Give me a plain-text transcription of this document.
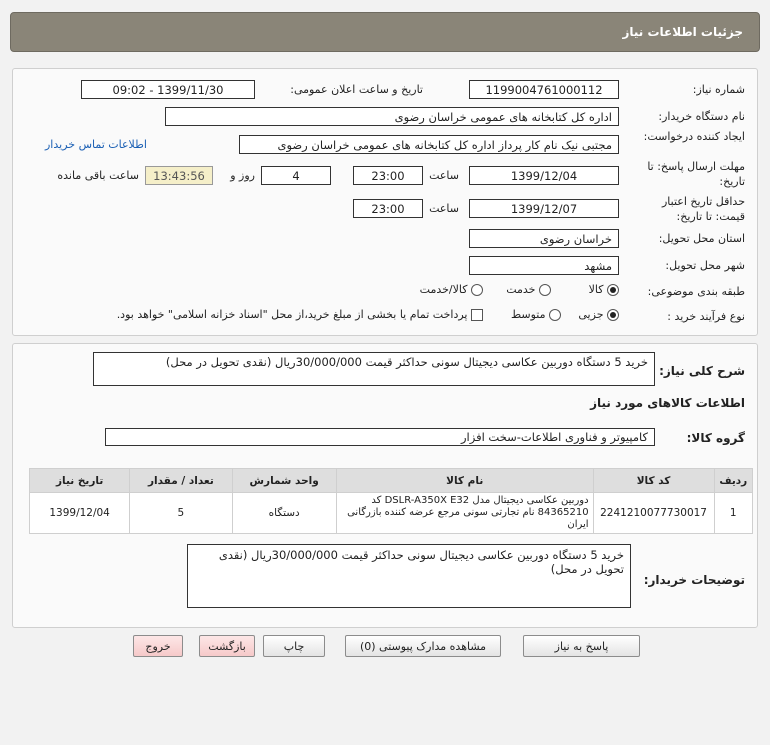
جزئیات اطلاعات نیاز
شماره نیاز:
1199004761000112
تاریخ و ساعت اعلان عمومی:
1399/11/30 - 09:02
نام دستگاه خریدار:
اداره کل کتابخانه های عمومی خراسان رضوی
ایجاد کننده درخواست:
مجتبی نیک نام کار پرداز اداره کل کتابخانه های عمومی خراسان رضوی
اطلاعات تماس خریدار
مهلت ارسال پاسخ: تا تاریخ:
1399/12/04
ساعت
23:00
4
روز و
13:43:56
ساعت باقی مانده
حداقل تاریخ اعتبار قیمت: تا تاریخ:
1399/12/07
ساعت
23:00
استان محل تحویل:
خراسان رضوی
شهر محل تحویل:
مشهد
طبقه بندی موضوعی:
کالا
خدمت
کالا/خدمت
نوع فرآیند خرید :
جزیی
متوسط
پرداخت تمام یا بخشی از مبلغ خرید،از محل "اسناد خزانه اسلامی" خواهد بود.
شرح کلی نیاز:
خرید 5 دستگاه دوربین عکاسی دیجیتال سونی حداکثر قیمت 30/000/000ریال (نقدی تحویل در محل)
اطلاعات کالاهای مورد نیاز
گروه کالا:
کامپیوتر و فناوری اطلاعات-سخت افزار
ردیف	کد کالا	نام کالا	واحد شمارش	تعداد / مقدار	تاریخ نیاز
1	2241210077730017	دوربین عکاسی دیجیتال مدل DSLR-A350X E32 کد 84365210 نام تجارتی سونی مرجع عرضه کننده بازرگانی ایران	دستگاه	5	1399/12/04
توضیحات خریدار:
خرید 5 دستگاه دوربین عکاسی دیجیتال سونی حداکثر قیمت 30/000/000ریال (نقدی تحویل در محل)
پاسخ به نیاز
مشاهده مدارک پیوستی (0)
چاپ
بازگشت
خروج
